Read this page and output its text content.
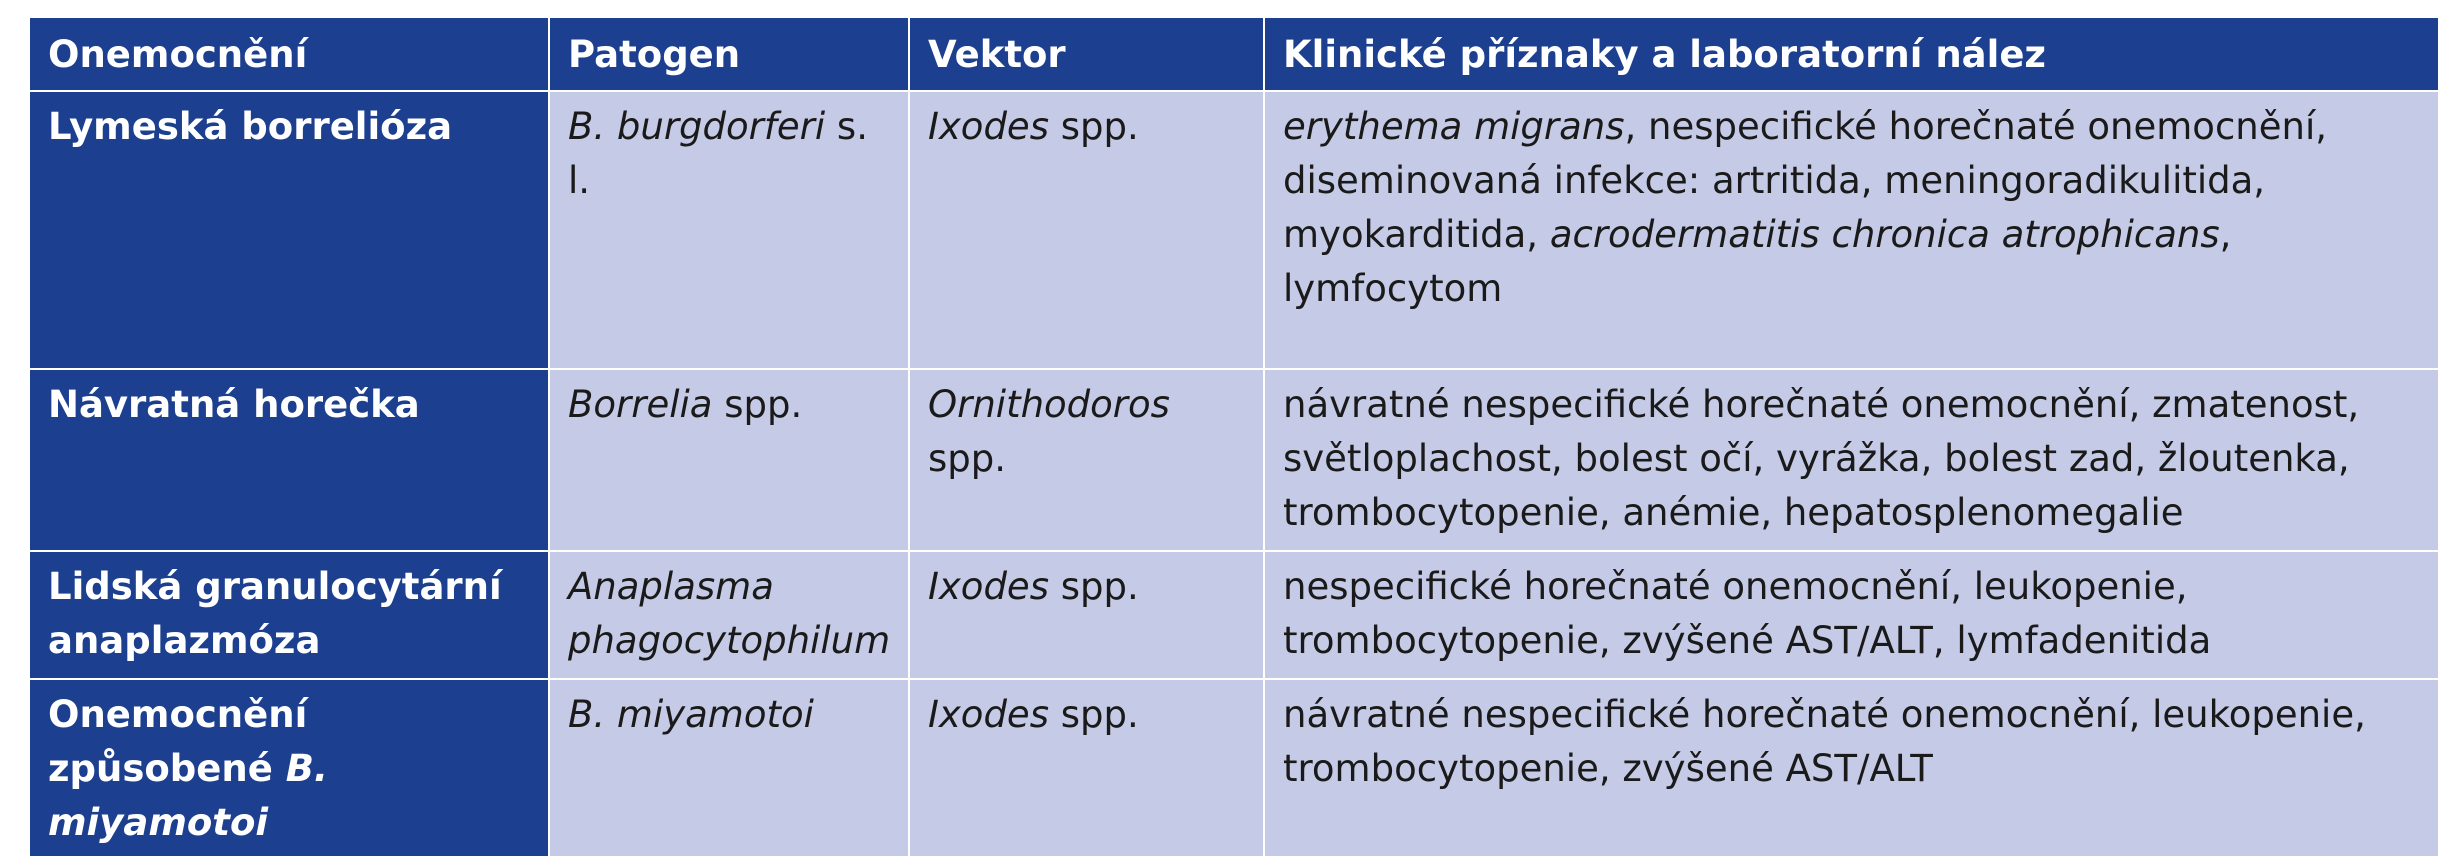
Onemocnění	Patogen	Vektor	Klinické příznaky a laboratorní nález
Lymeská borrelióza	B. burgdorferi s. l.	Ixodes spp.	erythema migrans, nespecifické horečnaté onemocnění, diseminovaná infekce: artritida, meningoradikulitida, myokarditida, acrodermatitis chronica atrophicans, lymfocytom
Návratná horečka	Borrelia spp.	Ornithodoros spp.	návratné nespecifické horečnaté onemocnění, zmatenost, světloplachost, bolest očí, vyrážka, bolest zad, žloutenka, trombocytopenie, anémie, hepatosplenomegalie
Lidská granulocytární anaplazmóza	Anaplasma phagocytophilum	Ixodes spp.	nespecifické horečnaté onemocnění, leukopenie, trombocytopenie, zvýšené AST/ALT, lymfadenitida
Onemocnění způsobené B. miyamotoi	B. miyamotoi	Ixodes spp.	návratné nespecifické horečnaté onemocnění, leukopenie, trombocytopenie, zvýšené AST/ALT
